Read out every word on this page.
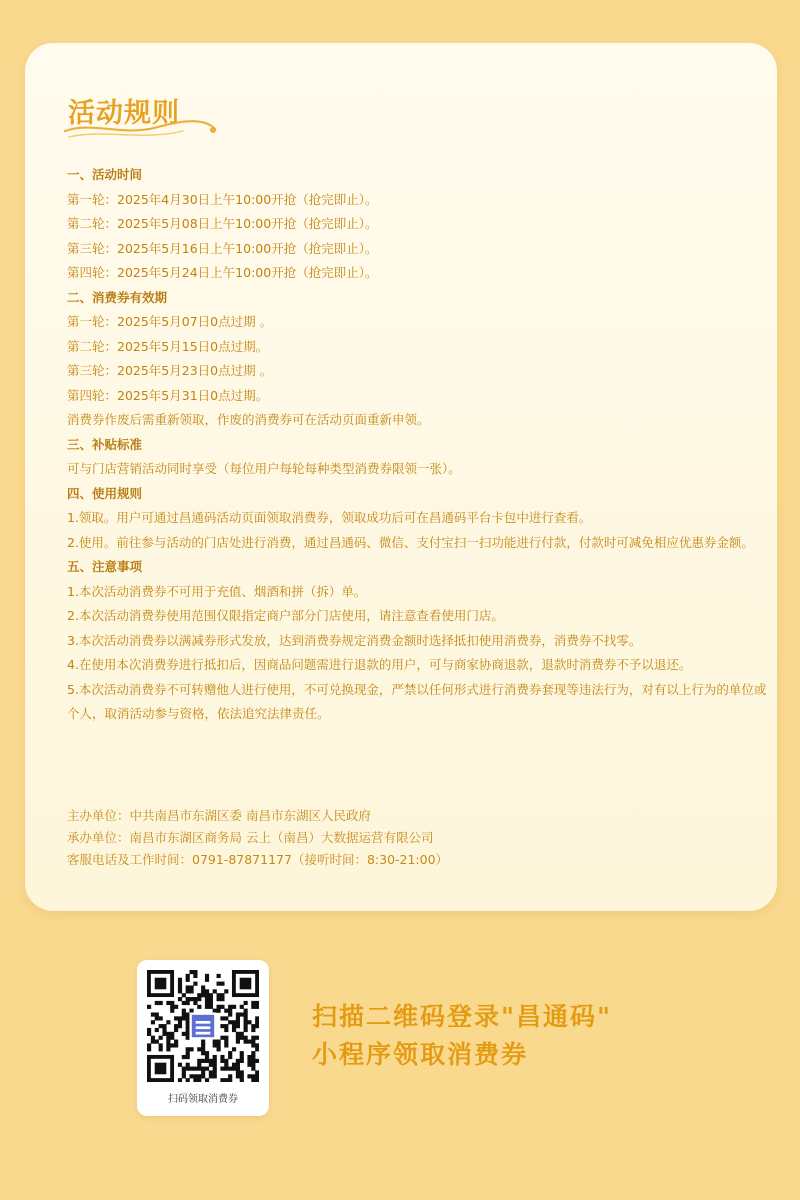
活动规则
一、活动时间
第一轮：2025年4月30日上午10:00开抢（抢完即止）。
第二轮：2025年5月08日上午10:00开抢（抢完即止）。
第三轮：2025年5月16日上午10:00开抢（抢完即止）。
第四轮：2025年5月24日上午10:00开抢（抢完即止）。
二、消费券有效期
第一轮：2025年5月07日0点过期 。
第二轮：2025年5月15日0点过期。
第三轮：2025年5月23日0点过期 。
第四轮：2025年5月31日0点过期。
消费券作废后需重新领取，作废的消费券可在活动页面重新申领。
三、补贴标准
可与门店营销活动同时享受（每位用户每轮每种类型消费券限领一张）。
四、使用规则
1.领取。用户可通过昌通码活动页面领取消费券，领取成功后可在昌通码平台卡包中进行查看。
2.使用。前往参与活动的门店处进行消费，通过昌通码、微信、支付宝扫一扫功能进行付款，付款时可减免相应优惠券金额。
五、注意事项
1.本次活动消费券不可用于充值、烟酒和拼（拆）单。
2.本次活动消费券使用范围仅限指定商户部分门店使用，请注意查看使用门店。
3.本次活动消费券以满减券形式发放，达到消费券规定消费金额时选择抵扣使用消费券，消费券不找零。
4.在使用本次消费券进行抵扣后，因商品问题需进行退款的用户，可与商家协商退款，退款时消费券不予以退还。
5.本次活动消费券不可转赠他人进行使用，不可兑换现金，严禁以任何形式进行消费券套现等违法行为，对有以上行为的单位或个人，取消活动参与资格，依法追究法律责任。
主办单位：中共南昌市东湖区委 南昌市东湖区人民政府
承办单位：南昌市东湖区商务局 云上（南昌）大数据运营有限公司
客服电话及工作时间：0791-87871177（接听时间：8:30-21:00）
扫码领取消费券
扫描二维码登录"昌通码"
小程序领取消费券
